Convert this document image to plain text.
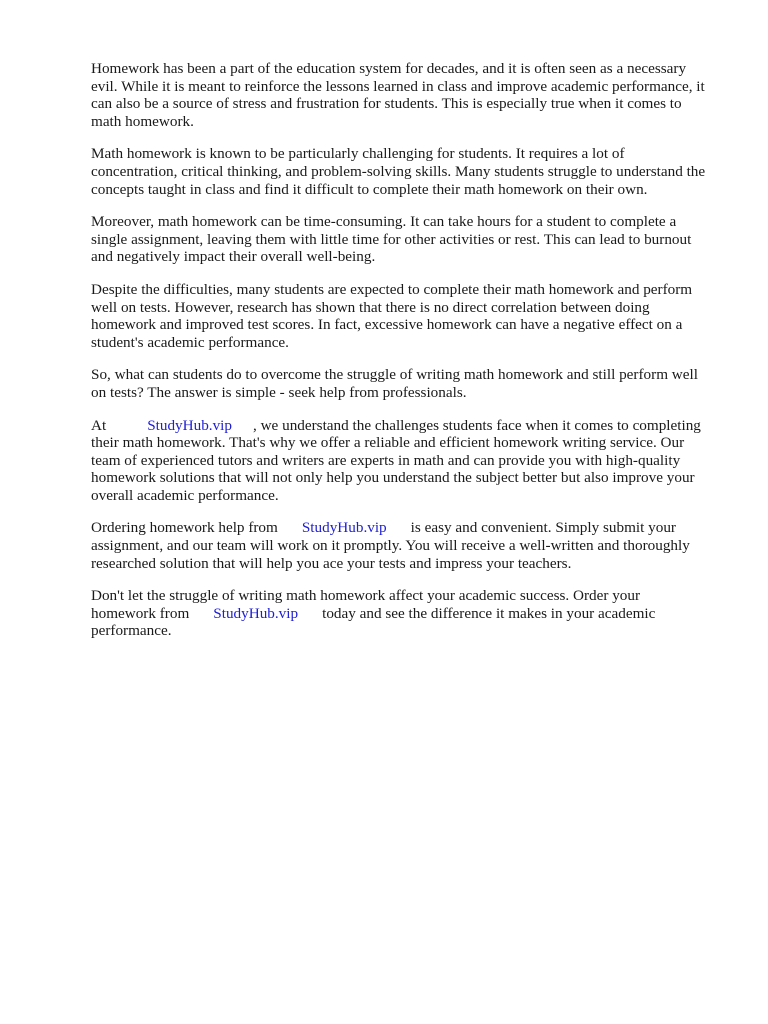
Homework has been a part of the education system for decades, and it is often seen as a necessary
evil. While it is meant to reinforce the lessons learned in class and improve academic performance, it
can also be a source of stress and frustration for students. This is especially true when it comes to
math homework.

Math homework is known to be particularly challenging for students. It requires a lot of
concentration, critical thinking, and problem-solving skills. Many students struggle to understand the
concepts taught in class and find it difficult to complete their math homework on their own.

Moreover, math homework can be time-consuming. It can take hours for a student to complete a
single assignment, leaving them with little time for other activities or rest. This can lead to burnout
and negatively impact their overall well-being.

Despite the difficulties, many students are expected to complete their math homework and perform
well on tests. However, research has shown that there is no direct correlation between doing
homework and improved test scores. In fact, excessive homework can have a negative effect on a
student's academic performance.

So, what can students do to overcome the struggle of writing math homework and still perform well
on tests? The answer is simple - seek help from professionals.

At	StudyHub.vip , we understand the challenges students face when it comes to completing
their math homework. That's why we offer a reliable and efficient homework writing service. Our
team of experienced tutors and writers are experts in math and can provide you with high-quality
homework solutions that will not only help you understand the subject better but also improve your
overall academic performance.

Ordering homework help from StudyHub.vip is easy and convenient. Simply submit your
assignment, and our team will work on it promptly. You will receive a well-written and thoroughly
researched solution that will help you ace your tests and impress your teachers.

Don't let the struggle of writing math homework affect your academic success. Order your
homework from StudyHub.vip today and see the difference it makes in your academic
performance.
